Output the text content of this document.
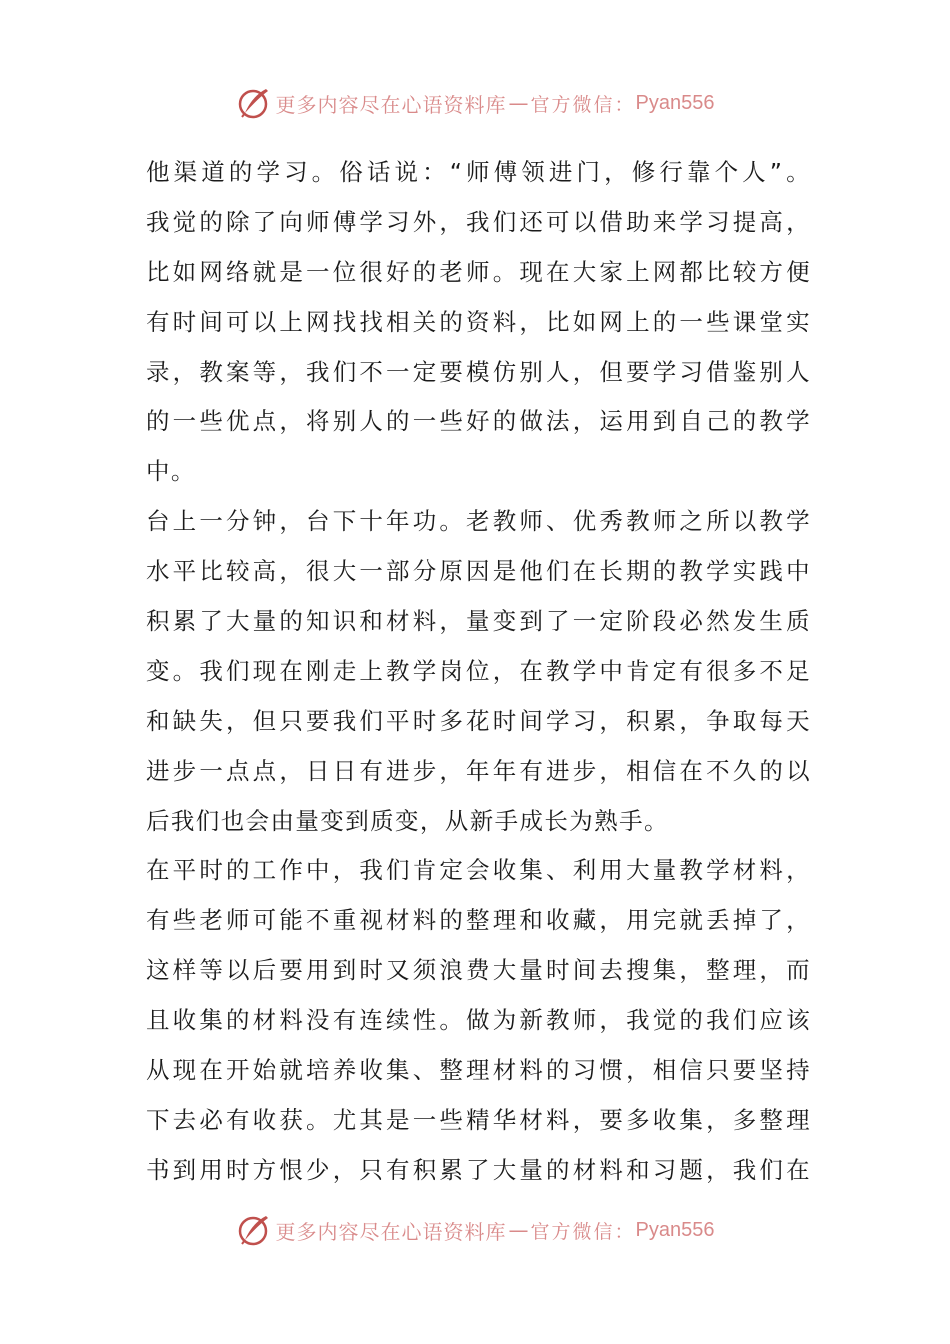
更多内容尽在心语资料库 — 官方微信： Pyan556
他渠道的学习。俗话说：“师傅领进门，修行靠个人”。
我觉的除了向师傅学习外，我们还可以借助来学习提高，
比如网络就是一位很好的老师。现在大家上网都比较方便
有时间可以上网找找相关的资料，比如网上的一些课堂实
录，教案等，我们不一定要模仿别人，但要学习借鉴别人
的一些优点，将别人的一些好的做法，运用到自己的教学
中。
台上一分钟，台下十年功。老教师、优秀教师之所以教学
水平比较高，很大一部分原因是他们在长期的教学实践中
积累了大量的知识和材料，量变到了一定阶段必然发生质
变。我们现在刚走上教学岗位，在教学中肯定有很多不足
和缺失，但只要我们平时多花时间学习，积累，争取每天
进步一点点，日日有进步，年年有进步，相信在不久的以
后我们也会由量变到质变，从新手成长为熟手。
在平时的工作中，我们肯定会收集、利用大量教学材料，
有些老师可能不重视材料的整理和收藏，用完就丢掉了，
这样等以后要用到时又须浪费大量时间去搜集，整理，而
且收集的材料没有连续性。做为新教师，我觉的我们应该
从现在开始就培养收集、整理材料的习惯，相信只要坚持
下去必有收获。尤其是一些精华材料，要多收集，多整理
书到用时方恨少，只有积累了大量的材料和习题，我们在
更多内容尽在心语资料库 — 官方微信： Pyan556
